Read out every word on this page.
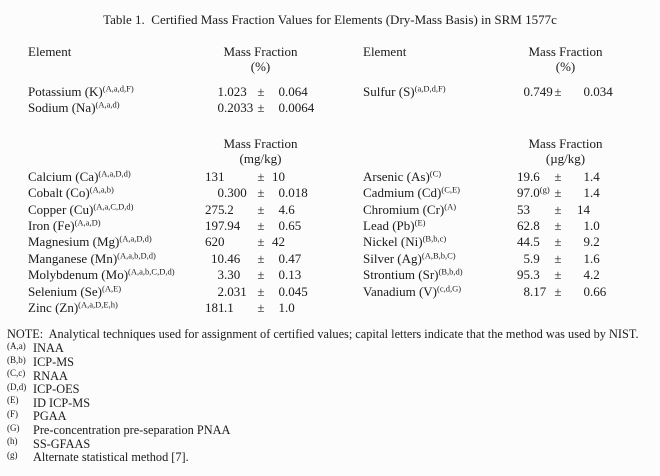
Table 1.  Certified Mass Fraction Values for Elements (Dry-Mass Basis) in SRM 1577c
Element	Mass Fraction
(%)
Element	Mass Fraction
(%)
Potassium $(K)^{(A,a,d,F)}$	1.023 ±	0.064	Sulfur $(S)^{(a,D,d,F)}$	0.749 ±	0.034
Sodium $(Na)^{(A,a,d)}$	0.2033 ±	0.0064
Mass Fraction
(mg/kg)
Mass Fraction
(µg/kg)
Calcium $(Ca)^{(A,a,D,d)}$	131	± 10	Arsenic $(As)^{(C)}$	19.6	±	1.4
Cobalt $(Co)^{(A,a,b)}$	0.300 ±	0.018	Cadmium $(Cd)^{(C,E)}$	$97.0^{(g)}$ ±	1.4
Copper $(Cu)^{(A,a,C,D,d)}$	275.2	±	4.6	Chromium $(Cr)^{(A)}$	53	±	14
Iron $(Fe)^{(A,a,D)}$	197.94	±	0.65	Lead $(Pb)^{(E)}$	62.8	±	1.0
Magnesium $(Mg)^{(A,a,D,d)}$	620	± 42	Nickel $(Ni)^{(B,b,c)}$	44.5	±	9.2
Manganese $(Mn)^{(A,a,b,D,d)}$	10.46	±	0.47	Silver $(Ag)^{(A,B,b,C)}$	5.9	±	1.6
Molybdenum $(Mo)^{(A,a,b,C,D,d)}$	3.30	±	0.13	Strontium $(Sr)^{(B,b,d)}$	95.3	±	4.2
Selenium $(Se)^{(A,E)}$	2.031 ±	0.045	Vanadium $(V)^{(c,d,G)}$	8.17 ±	0.66
Zinc $(Zn)^{(A,a,D,E,h)}$	181.1	±	1.0
NOTE:  Analytical techniques used for assignment of certified values; capital letters indicate that the method was used by NIST.
(A,a) INAA
(B,b) ICP-MS
(C,c) RNAA
(D,d) ICP-OES
(E)	ID ICP-MS
(F)	PGAA
(G)	Pre-concentration pre-separation PNAA
(h)	SS-GFAAS
(g)	Alternate statistical method [7].
